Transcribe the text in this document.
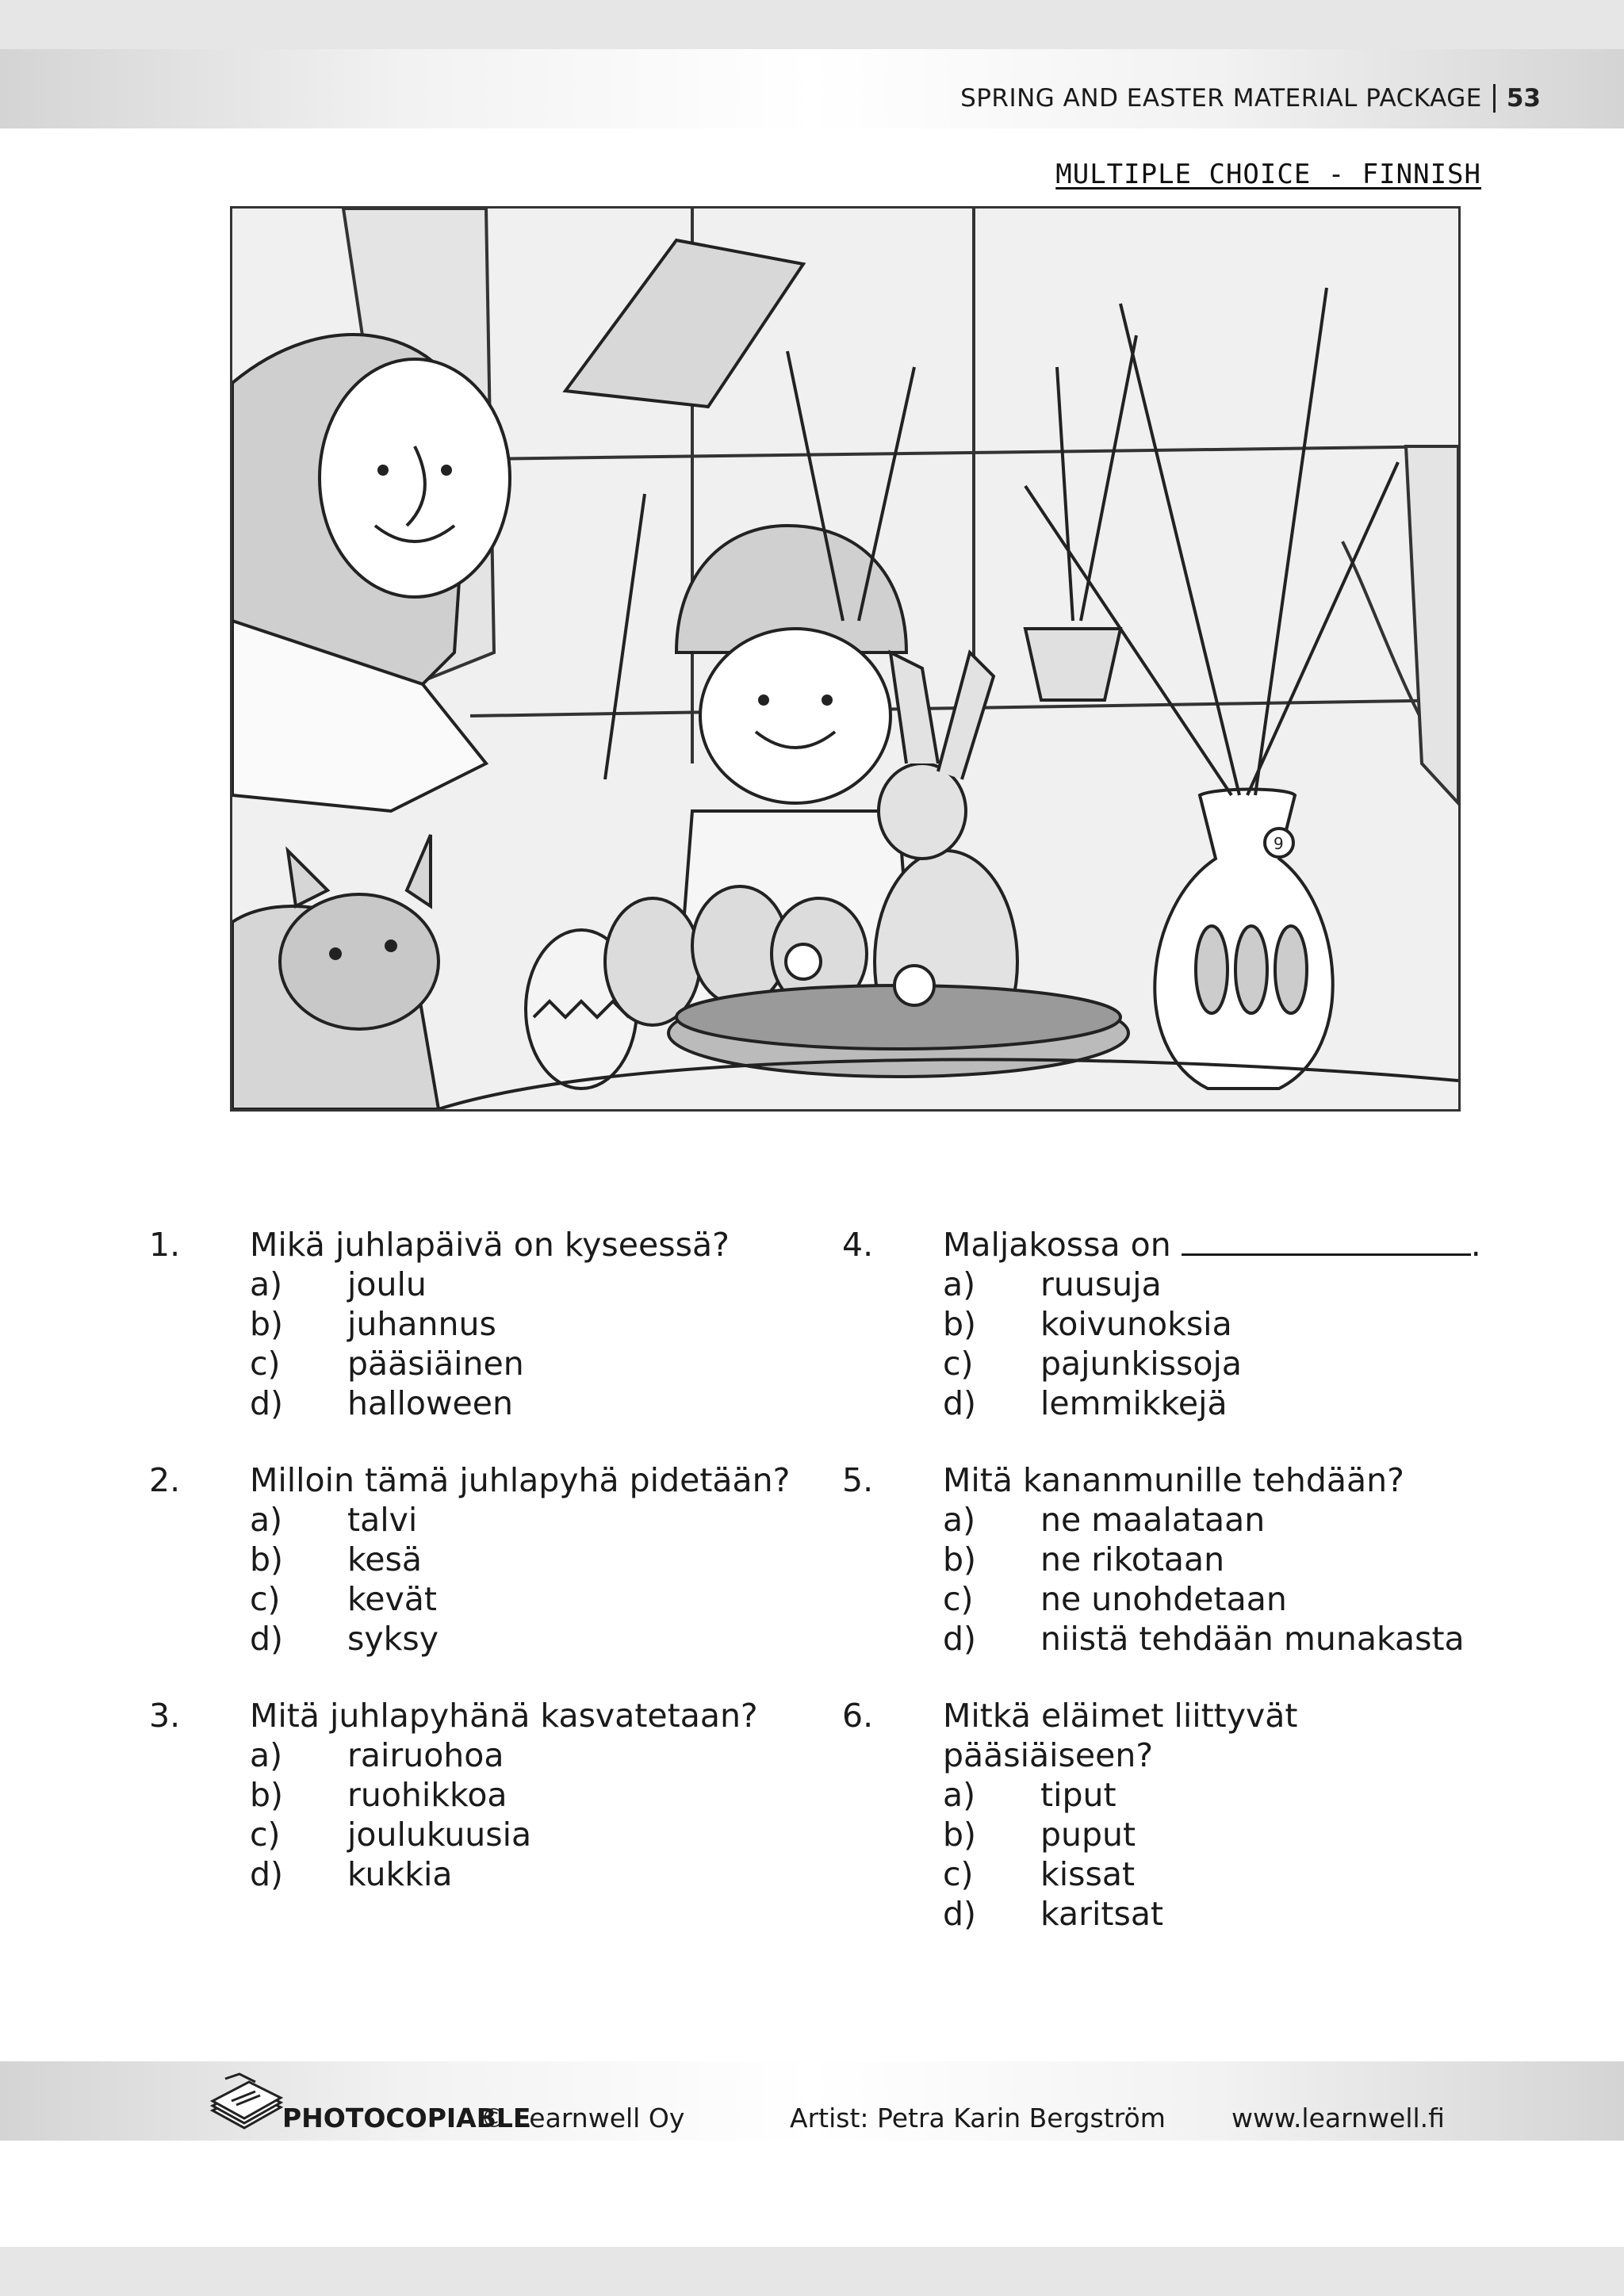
SPRING AND EASTER MATERIAL PACKAGE 53
MULTIPLE CHOICE - FINNISH
9
1.	Mikä juhlapäivä on kyseessä?
a)	joulu
b)	juhannus
c)	pääsiäinen
d)	halloween
2.	Milloin tämä juhlapyhä pidetään?
a)	talvi
b)	kesä
c)	kevät
d)	syksy
3.	Mitä juhlapyhänä kasvatetaan?
a)	rairuohoa
b)	ruohikkoa
c)	joulukuusia
d)	kukkia
4.	Maljakossa on	.
a)	ruusuja
b)	koivunoksia
c)	pajunkissoja
d)	lemmikkejä
5.	Mitä kananmunille tehdään?
a)	ne maalataan
b)	ne rikotaan
c)	ne unohdetaan
d)	niistä tehdään munakasta
6.	Mitkä eläimet liittyvät pääsiäiseen?
a)	tiput
b)	puput
c)	kissat
d)	karitsat
PHOTOCOPIABLE
© Learnwell Oy	Artist: Petra Karin Bergström	www.learnwell.fi
